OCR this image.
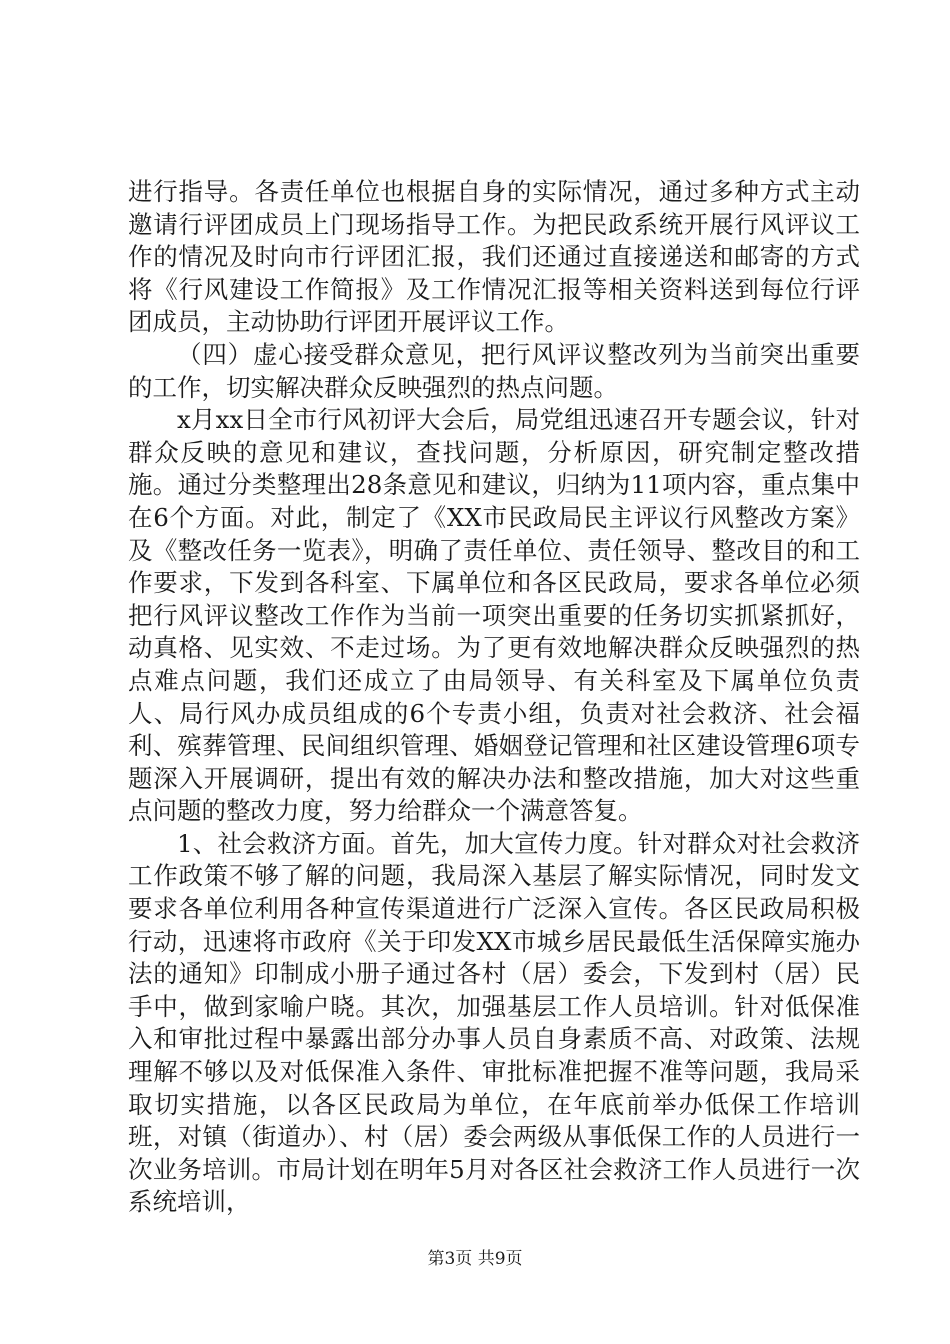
进行指导。各责任单位也根据自身的实际情况，通过多种方式主动邀请行评团成员上门现场指导工作。为把民政系统开展行风评议工作的情况及时向市行评团汇报，我们还通过直接递送和邮寄的方式将《行风建设工作简报》及工作情况汇报等相关资料送到每位行评团成员，主动协助行评团开展评议工作。

（四）虚心接受群众意见，把行风评议整改列为当前突出重要的工作，切实解决群众反映强烈的热点问题。

x月xx日全市行风初评大会后，局党组迅速召开专题会议，针对群众反映的意见和建议，查找问题，分析原因，研究制定整改措施。通过分类整理出28条意见和建议，归纳为11项内容，重点集中在6个方面。对此，制定了《XX市民政局民主评议行风整改方案》及《整改任务一览表》，明确了责任单位、责任领导、整改目的和工作要求，下发到各科室、下属单位和各区民政局，要求各单位必须把行风评议整改工作作为当前一项突出重要的任务切实抓紧抓好，动真格、见实效、不走过场。为了更有效地解决群众反映强烈的热点难点问题，我们还成立了由局领导、有关科室及下属单位负责人、局行风办成员组成的6个专责小组，负责对社会救济、社会福利、殡葬管理、民间组织管理、婚姻登记管理和社区建设管理6项专题深入开展调研，提出有效的解决办法和整改措施，加大对这些重点问题的整改力度，努力给群众一个满意答复。

1、社会救济方面。首先，加大宣传力度。针对群众对社会救济工作政策不够了解的问题，我局深入基层了解实际情况，同时发文要求各单位利用各种宣传渠道进行广泛深入宣传。各区民政局积极行动，迅速将市政府《关于印发XX市城乡居民最低生活保障实施办法的通知》印制成小册子通过各村（居）委会，下发到村（居）民手中，做到家喻户晓。其次，加强基层工作人员培训。针对低保准入和审批过程中暴露出部分办事人员自身素质不高、对政策、法规理解不够以及对低保准入条件、审批标准把握不准等问题，我局采取切实措施，以各区民政局为单位，在年底前举办低保工作培训班，对镇（街道办）、村（居）委会两级从事低保工作的人员进行一次业务培训。市局计划在明年5月对各区社会救济工作人员进行一次系统培训，

第3页 共9页
